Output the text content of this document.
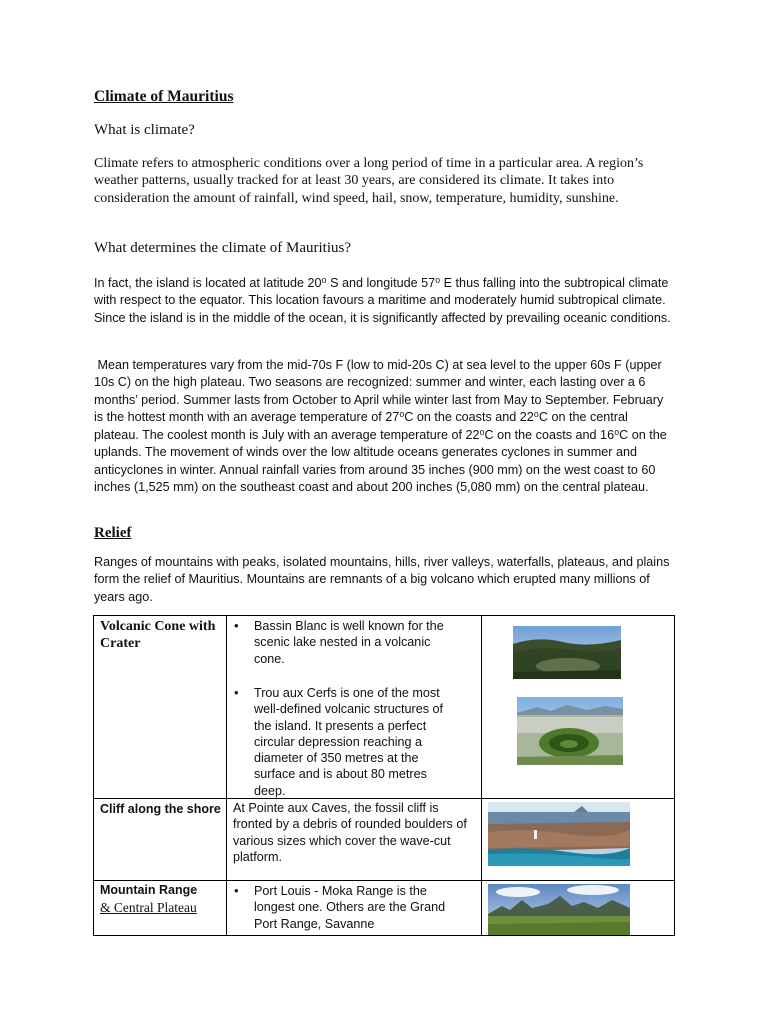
Climate of Mauritius
What is climate?
Climate refers to atmospheric conditions over a long period of time in a particular area. A region’s weather patterns, usually tracked for at least 30 years, are considered its climate. It takes into consideration the amount of rainfall, wind speed, hail, snow, temperature, humidity, sunshine.
What determines the climate of Mauritius?
In fact, the island is located at latitude 20⁰ S and longitude 57⁰ E thus falling into the subtropical climate with respect to the equator. This location favours a maritime and moderately humid subtropical climate. Since the island is in the middle of the ocean, it is significantly affected by prevailing oceanic conditions.
Mean temperatures vary from the mid-70s F (low to mid-20s C) at sea level to the upper 60s F (upper 10s C) on the high plateau. Two seasons are recognized: summer and winter, each lasting over a 6 months’ period. Summer lasts from October to April while winter last from May to September. February is the hottest month with an average temperature of 27⁰C on the coasts and 22⁰C on the central plateau. The coolest month is July with an average temperature of 22⁰C on the coasts and 16⁰C on the uplands. The movement of winds over the low altitude oceans generates cyclones in summer and anticyclones in winter. Annual rainfall varies from around 35 inches (900 mm) on the west coast to 60 inches (1,525 mm) on the southeast coast and about 200 inches (5,080 mm) on the central plateau.
Relief
Ranges of mountains with peaks, isolated mountains, hills, river valleys, waterfalls, plateaus, and plains form the relief of Mauritius. Mountains are remnants of a big volcano which erupted many millions of years ago.
Volcanic Cone with Crater
• Bassin Blanc is well known for the scenic lake nested in a volcanic cone.
• Trou aux Cerfs is one of the most well-defined volcanic structures of the island. It presents a perfect circular depression reaching a diameter of 350 metres at the surface and is about 80 metres deep.
Cliff along the shore At Pointe aux Caves, the fossil cliff is fronted by a debris of rounded boulders of various sizes which cover the wave-cut platform.
Mountain Range
& Central Plateau
• Port Louis - Moka Range is the longest one. Others are the Grand Port Range, Savanne
